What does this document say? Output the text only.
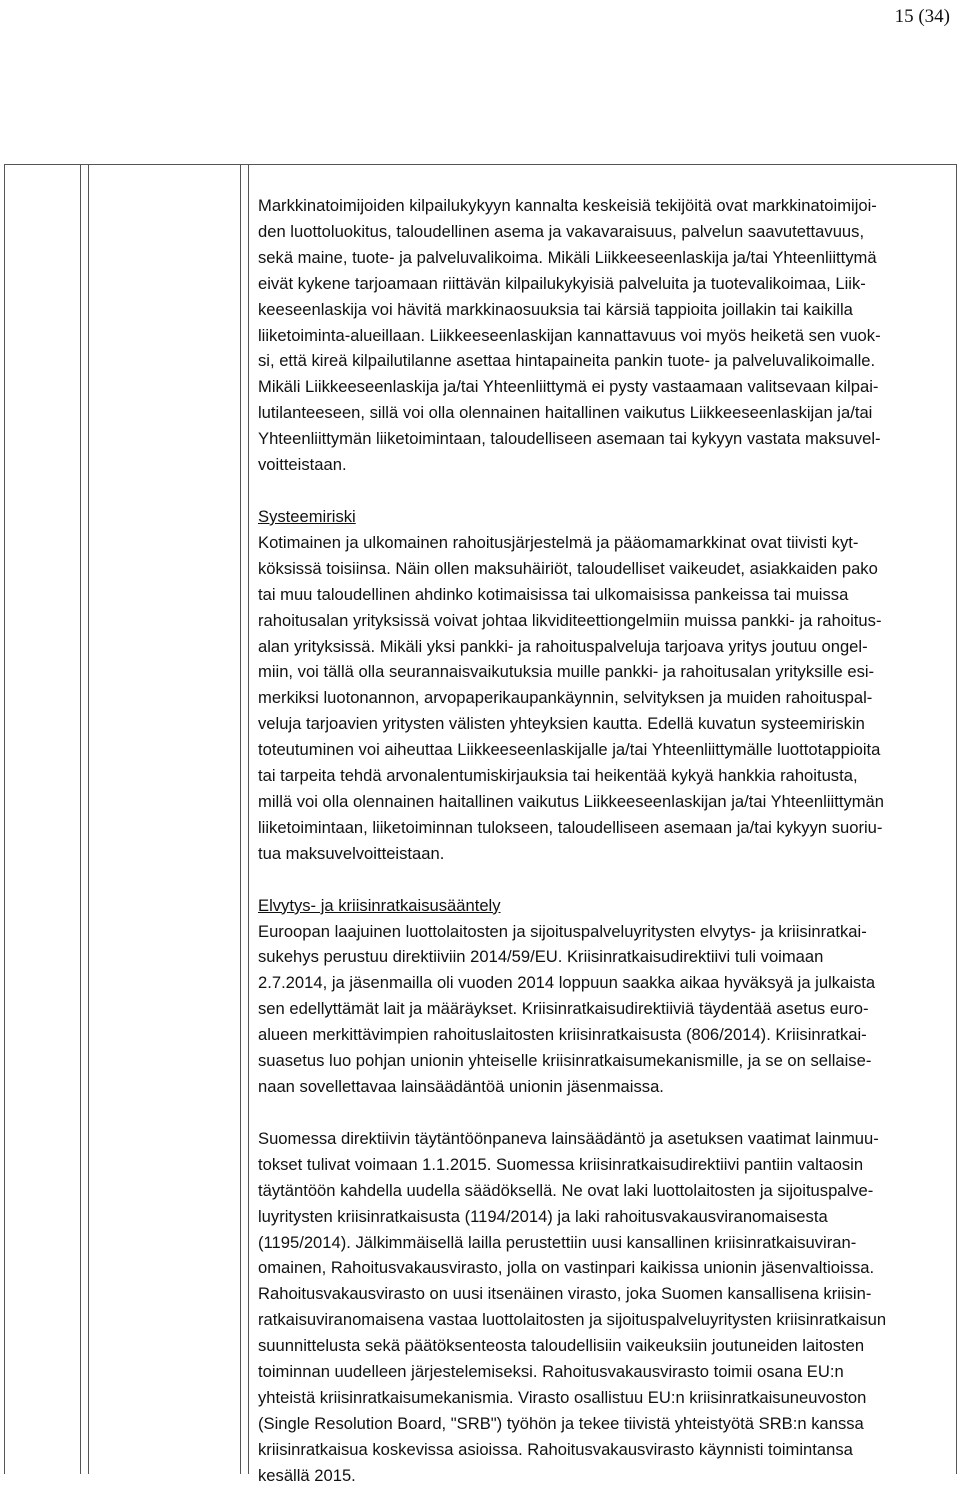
15 (34)
Markkinatoimijoiden kilpailukykyyn kannalta keskeisiä tekijöitä ovat markkinatoimijoi-
den luottoluokitus, taloudellinen asema ja vakavaraisuus, palvelun saavutettavuus,
sekä maine, tuote- ja palveluvalikoima. Mikäli Liikkeeseenlaskija ja/tai Yhteenliittymä
eivät kykene tarjoamaan riittävän kilpailukykyisiä palveluita ja tuotevalikoimaa, Liik-
keeseenlaskija voi hävitä markkinaosuuksia tai kärsiä tappioita joillakin tai kaikilla
liiketoiminta-alueillaan. Liikkeeseenlaskijan kannattavuus voi myös heiketä sen vuok-
si, että kireä kilpailutilanne asettaa hintapaineita pankin tuote- ja palveluvalikoimalle.
Mikäli Liikkeeseenlaskija ja/tai Yhteenliittymä ei pysty vastaamaan valitsevaan kilpai-
lutilanteeseen, sillä voi olla olennainen haitallinen vaikutus Liikkeeseenlaskijan ja/tai
Yhteenliittymän liiketoimintaan, taloudelliseen asemaan tai kykyyn vastata maksuvel-
voitteistaan.
Systeemiriski
Kotimainen ja ulkomainen rahoitusjärjestelmä ja pääomamarkkinat ovat tiivisti kyt-
köksissä toisiinsa. Näin ollen maksuhäiriöt, taloudelliset vaikeudet, asiakkaiden pako
tai muu taloudellinen ahdinko kotimaisissa tai ulkomaisissa pankeissa tai muissa
rahoitusalan yrityksissä voivat johtaa likviditeettiongelmiin muissa pankki- ja rahoitus-
alan yrityksissä. Mikäli yksi pankki- ja rahoituspalveluja tarjoava yritys joutuu ongel-
miin, voi tällä olla seurannaisvaikutuksia muille pankki- ja rahoitusalan yrityksille esi-
merkiksi luotonannon, arvopaperikaupankäynnin, selvityksen ja muiden rahoituspal-
veluja tarjoavien yritysten välisten yhteyksien kautta. Edellä kuvatun systeemiriskin
toteutuminen voi aiheuttaa Liikkeeseenlaskijalle ja/tai Yhteenliittymälle luottotappioita
tai tarpeita tehdä arvonalentumiskirjauksia tai heikentää kykyä hankkia rahoitusta,
millä voi olla olennainen haitallinen vaikutus Liikkeeseenlaskijan ja/tai Yhteenliittymän
liiketoimintaan, liiketoiminnan tulokseen, taloudelliseen asemaan ja/tai kykyyn suoriu-
tua maksuvelvoitteistaan.
Elvytys- ja kriisinratkaisusääntely
Euroopan laajuinen luottolaitosten ja sijoituspalveluyritysten elvytys- ja kriisinratkai-
sukehys perustuu direktiiviin 2014/59/EU. Kriisinratkaisudirektiivi tuli voimaan
2.7.2014, ja jäsenmailla oli vuoden 2014 loppuun saakka aikaa hyväksyä ja julkaista
sen edellyttämät lait ja määräykset. Kriisinratkaisudirektiiviä täydentää asetus euro-
alueen merkittävimpien rahoituslaitosten kriisinratkaisusta (806/2014). Kriisinratkai-
suasetus luo pohjan unionin yhteiselle kriisinratkaisumekanismille, ja se on sellaise-
naan sovellettavaa lainsäädäntöä unionin jäsenmaissa.
Suomessa direktiivin täytäntöönpaneva lainsäädäntö ja asetuksen vaatimat lainmuu-
tokset tulivat voimaan 1.1.2015. Suomessa kriisinratkaisudirektiivi pantiin valtaosin
täytäntöön kahdella uudella säädöksellä. Ne ovat laki luottolaitosten ja sijoituspalve-
luyritysten kriisinratkaisusta (1194/2014) ja laki rahoitusvakausviranomaisesta
(1195/2014). Jälkimmäisellä lailla perustettiin uusi kansallinen kriisinratkaisuviran-
omainen, Rahoitusvakausvirasto, jolla on vastinpari kaikissa unionin jäsenvaltioissa.
Rahoitusvakausvirasto on uusi itsenäinen virasto, joka Suomen kansallisena kriisin-
ratkaisuviranomaisena vastaa luottolaitosten ja sijoituspalveluyritysten kriisinratkaisun
suunnittelusta sekä päätöksenteosta taloudellisiin vaikeuksiin joutuneiden laitosten
toiminnan uudelleen järjestelemiseksi. Rahoitusvakausvirasto toimii osana EU:n
yhteistä kriisinratkaisumekanismia. Virasto osallistuu EU:n kriisinratkaisuneuvoston
(Single Resolution Board, "SRB") työhön ja tekee tiivistä yhteistyötä SRB:n kanssa
kriisinratkaisua koskevissa asioissa. Rahoitusvakausvirasto käynnisti toimintansa
kesällä 2015.
